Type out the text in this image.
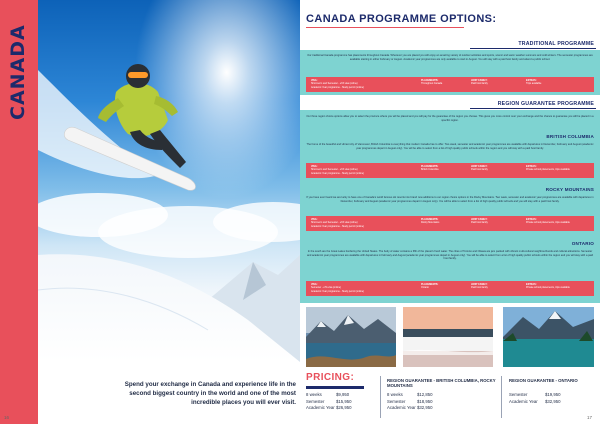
CANADA
Spend your exchange in Canada and experience life in the second biggest country in the world and one of the most incredible places you will ever visit.
16
CANADA PROGRAMME OPTIONS:
TRADITIONAL PROGRAMME
Our traditional Canada programme has placements throughout Canada. Wherever you are placed you will enjoy an amazing variety of outdoor activities and sports, scenic and warm weather summers and cold winters. The semester programmes are available starting in either February or August. Academic year programmes are only available to start in August. You will stay with a paid host family and attend a public school.
VISA:
Short-term and Semester - eTA visa (online)
Academic Year programme - Study permit (online)
PLACEMENTS:
Throughout Canada
HOST FAMILY:
Paid host family
EXTRAS:
Trips available
REGION GUARANTEE PROGRAMME
Our three region choice options allow you to select the province where you will be placed and you will pay for the guarantee of the region you choose. This gives you more control over your exchange and the chance to guarantee you will be placed in a specific region.
BRITISH COLUMBIA
The home of the beautiful and vibrant city of Vancouver, British Columbia is everything that modern Canada has to offer. Two week, semester and academic year programmes are available with departures in December, February and August (academic year programmes depart in August only). You will be able to select from a list of high quality public schools within the region and you will stay with a paid host family.
VISA:
Short-term and Semester - eTA visa (online)
Academic Year programme - Study permit (online)
PLACEMENTS:
British Columbia
HOST FAMILY:
Paid host family
EXTRAS:
Private school placements, trips available
ROCKY MOUNTAINS
If you have ever heard we are lucky to have one of Canada's world famous ski resorts into brand new additions to our region choice options in the Rocky Mountains. Two week, semester and academic year programmes are available with departures in December, February and August (academic year programmes depart in August only). You will be able to select from a list of high quality public schools and you will stay with a paid host family.
VISA:
Short-term and Semester - eTA visa (online)
Academic Year programme - Study permit (online)
PLACEMENTS:
Rocky Mountains
HOST FAMILY:
Paid host family
EXTRAS:
Private school placements, trips available
ONTARIO
In the south are the Great Lakes bordering the United States. The body of water contains a fifth of the planet's fresh water. The cities of Toronto and Ottawa are jam packed with vibrant multi-cultural neighbourhoods and cultural attractions. Semester and academic year programmes are available with departures in February and August (academic year programmes depart in August only). You will be able to select from a list of high quality public schools within the region and you will stay with a paid host family.
VISA:
Semester - eTA visa (online)
Academic Year programme - Study permit (online)
PLACEMENTS:
Ontario
HOST FAMILY:
Paid host family
EXTRAS:
Private school placements, trips available
PRICING:
8 weeks	$9,950
Semester	$15,950
Academic Year $26,950
REGION GUARANTEE - BRITISH COLUMBIA, ROCKY MOUNTAINS
8 weeks	$12,850
Semester	$18,950
Academic Year $32,950
REGION GUARANTEE - ONTARIO
Semester	$19,950
Academic Year	$32,950
17
